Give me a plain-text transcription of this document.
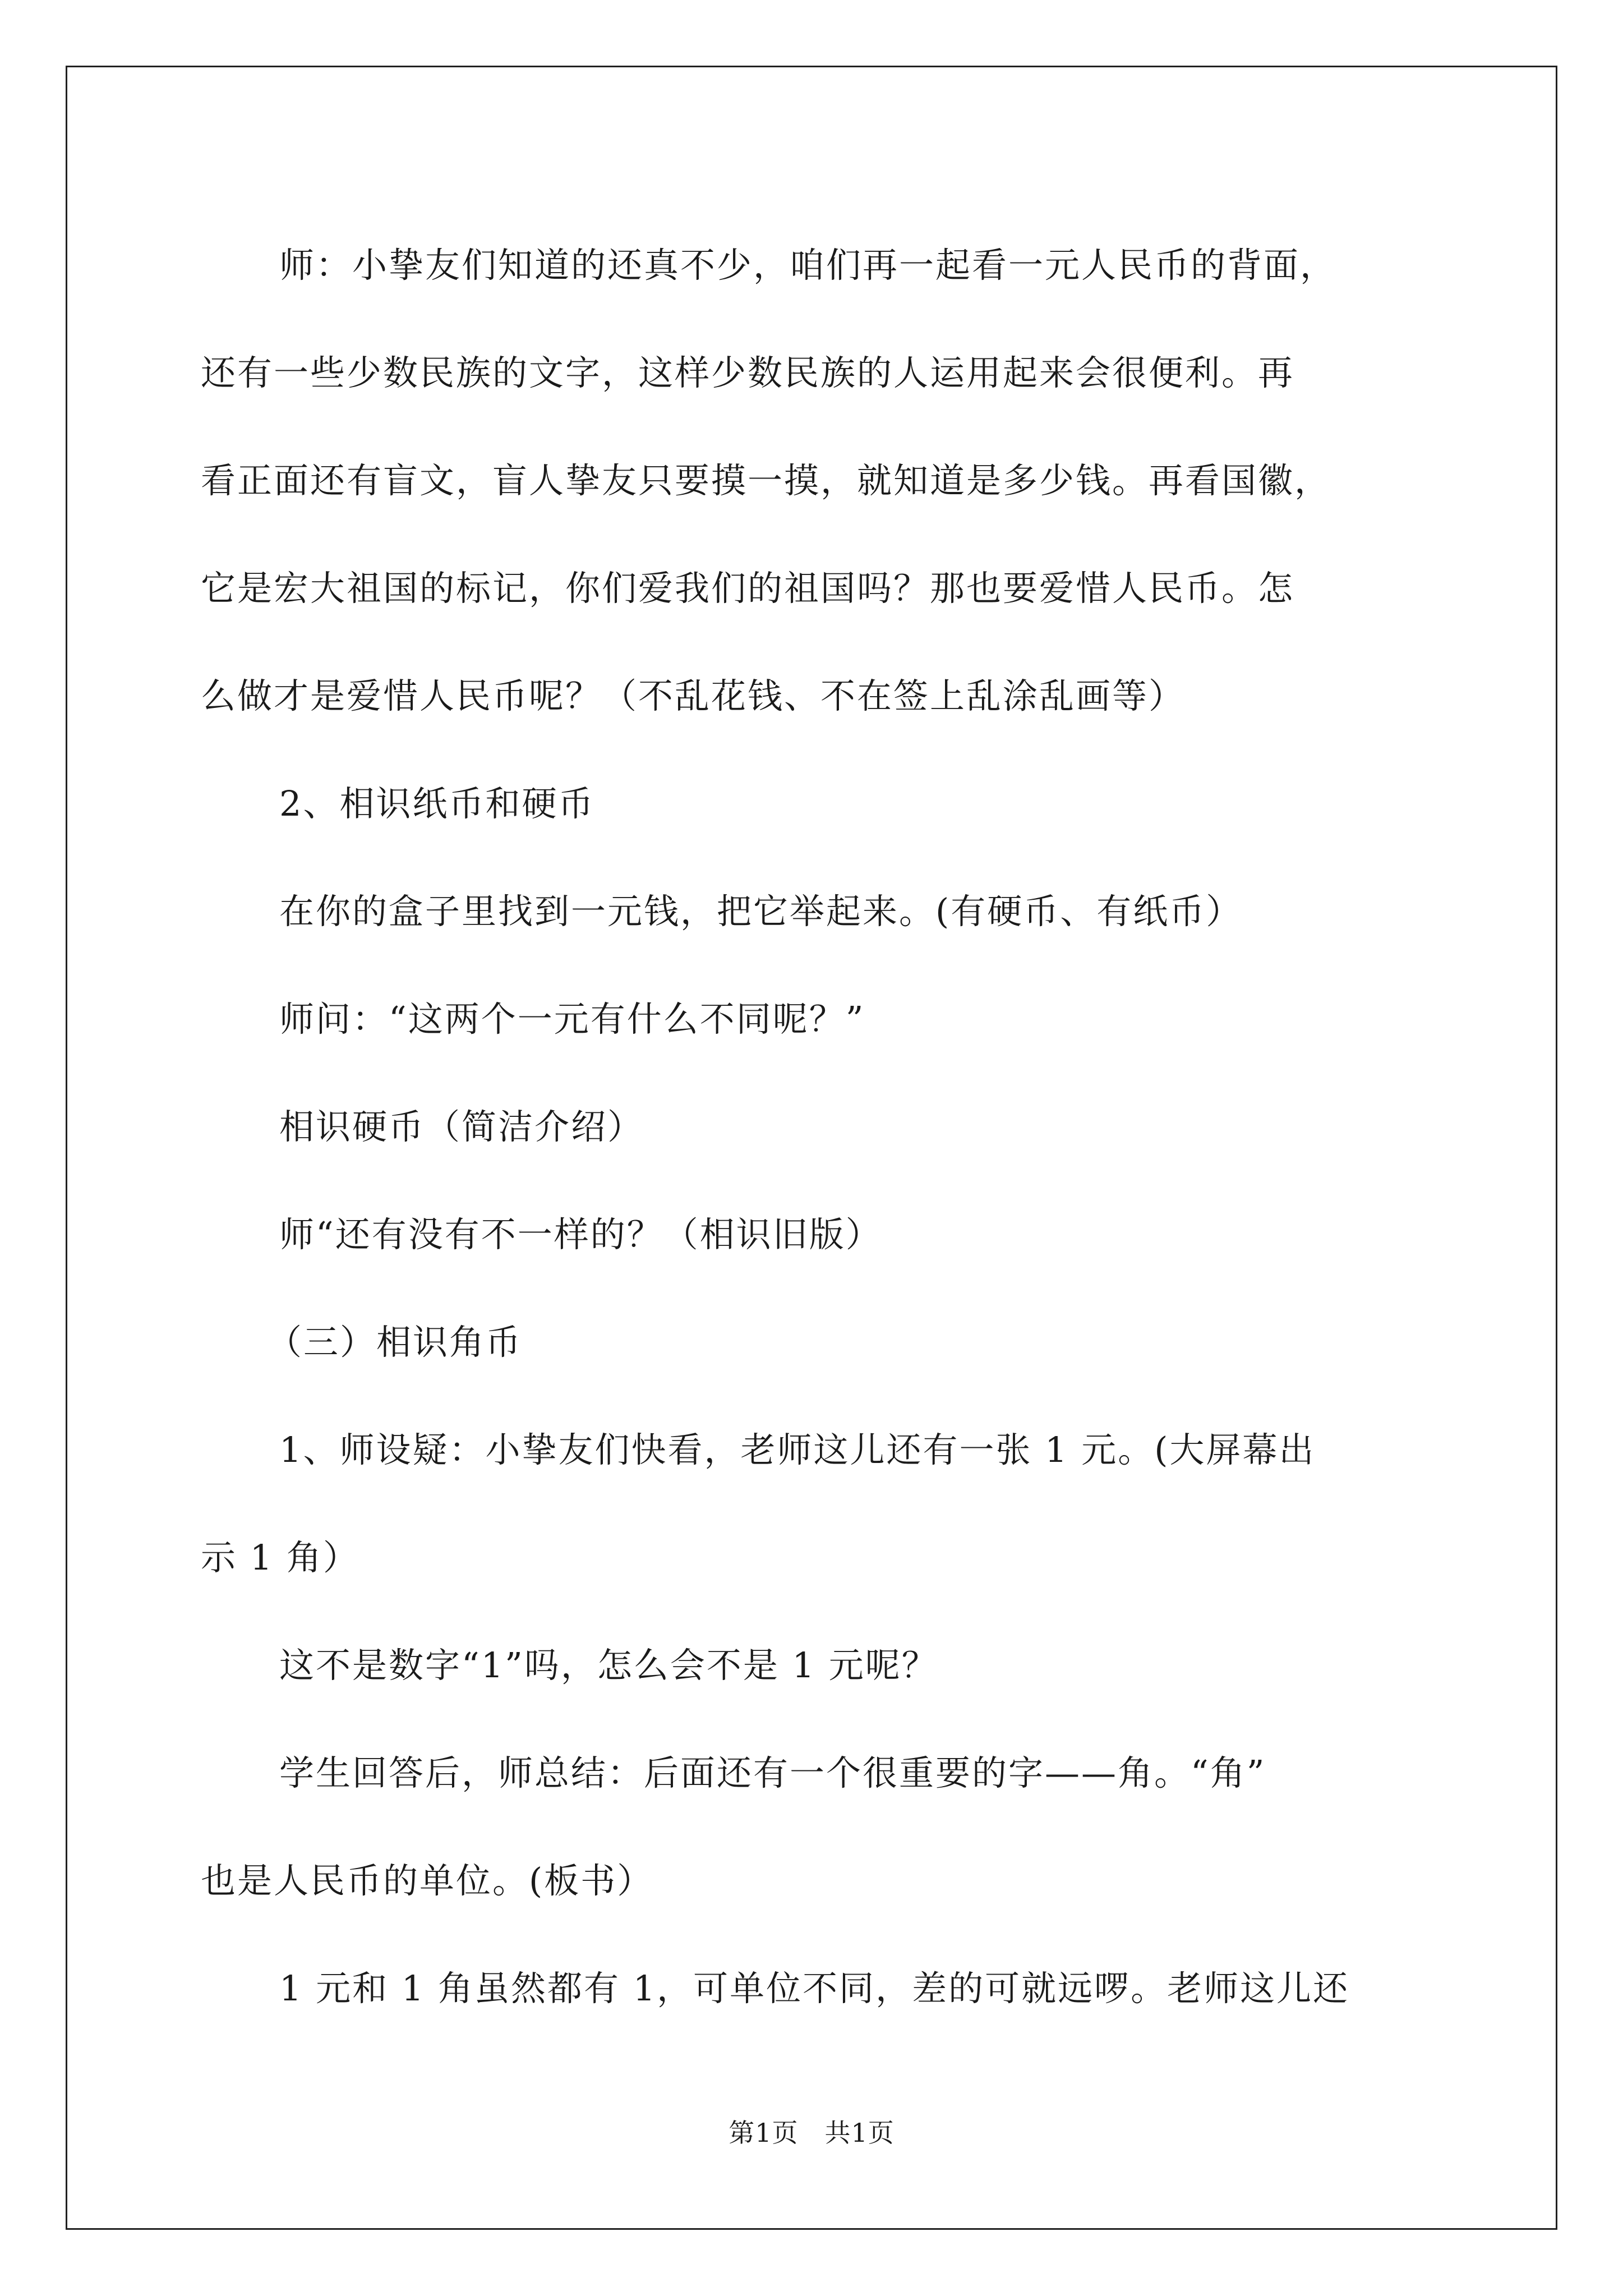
师：小挚友们知道的还真不少，咱们再一起看一元人民币的背面，
还有一些少数民族的文字，这样少数民族的人运用起来会很便利。再
看正面还有盲文，盲人挚友只要摸一摸，就知道是多少钱。再看国徽，
它是宏大祖国的标记，你们爱我们的祖国吗？那也要爱惜人民币。怎
么做才是爱惜人民币呢？（不乱花钱、不在签上乱涂乱画等）

2、相识纸币和硬币

在你的盒子里找到一元钱，把它举起来。(有硬币、有纸币）

师问：“这两个一元有什么不同呢？”

相识硬币（简洁介绍）

师“还有没有不一样的？（相识旧版）

（三）相识角币

1、师设疑：小挚友们快看，老师这儿还有一张 1 元。(大屏幕出
示 1 角）

这不是数字“1”吗，怎么会不是 1 元呢？

学生回答后，师总结：后面还有一个很重要的字——角。“角”
也是人民币的单位。(板书）

1 元和 1 角虽然都有 1，可单位不同，差的可就远啰。老师这儿还

第1页　共1页
